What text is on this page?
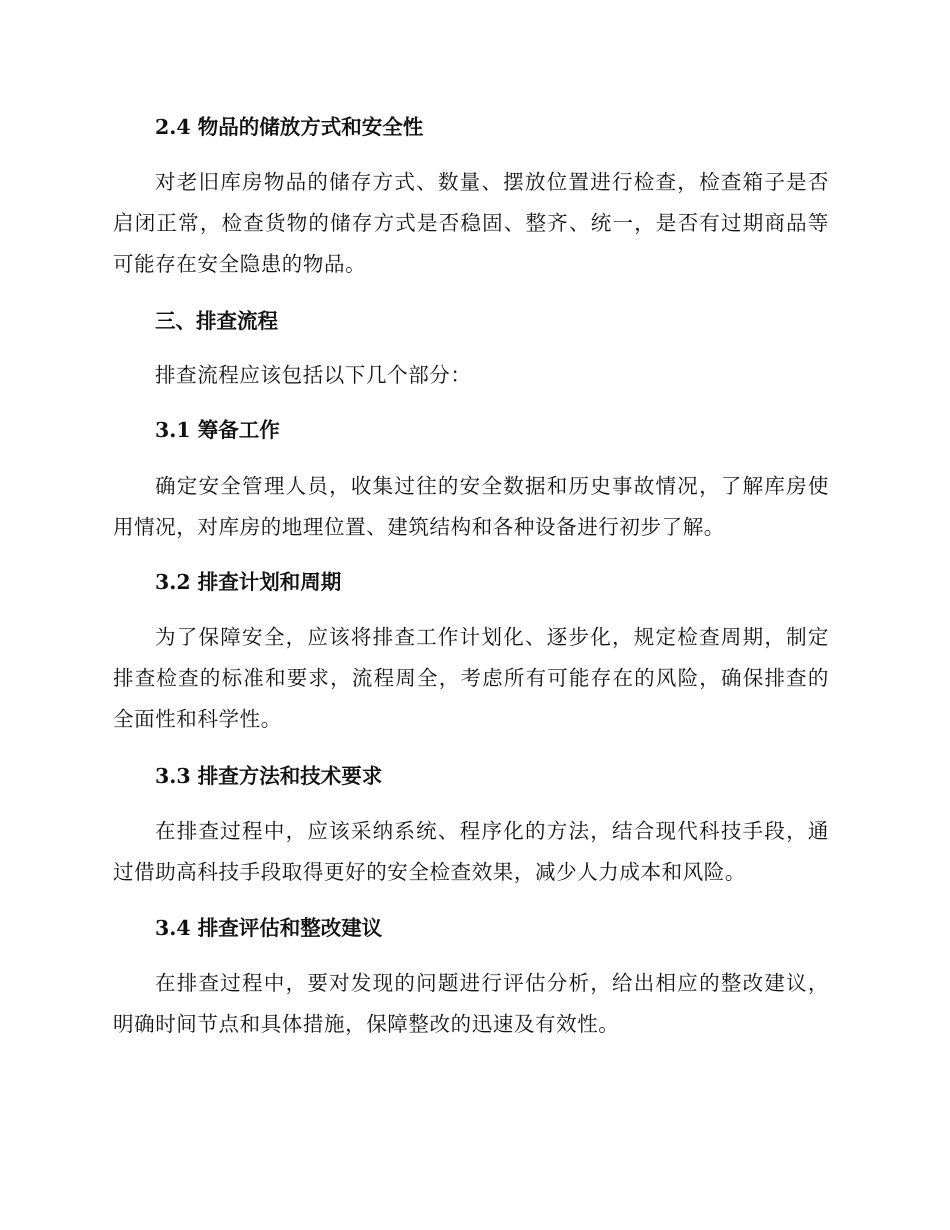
2.4 物品的储放方式和安全性
对老旧库房物品的储存方式、数量、摆放位置进行检查，检查箱子是否启闭正常，检查货物的储存方式是否稳固、整齐、统一，是否有过期商品等可能存在安全隐患的物品。
三、排查流程
排查流程应该包括以下几个部分：
3.1 筹备工作
确定安全管理人员，收集过往的安全数据和历史事故情况，了解库房使用情况，对库房的地理位置、建筑结构和各种设备进行初步了解。
3.2 排查计划和周期
为了保障安全，应该将排查工作计划化、逐步化，规定检查周期，制定排查检查的标准和要求，流程周全，考虑所有可能存在的风险，确保排查的全面性和科学性。
3.3 排查方法和技术要求
在排查过程中，应该采纳系统、程序化的方法，结合现代科技手段，通过借助高科技手段取得更好的安全检查效果，减少人力成本和风险。
3.4 排查评估和整改建议
在排查过程中，要对发现的问题进行评估分析，给出相应的整改建议，明确时间节点和具体措施，保障整改的迅速及有效性。
